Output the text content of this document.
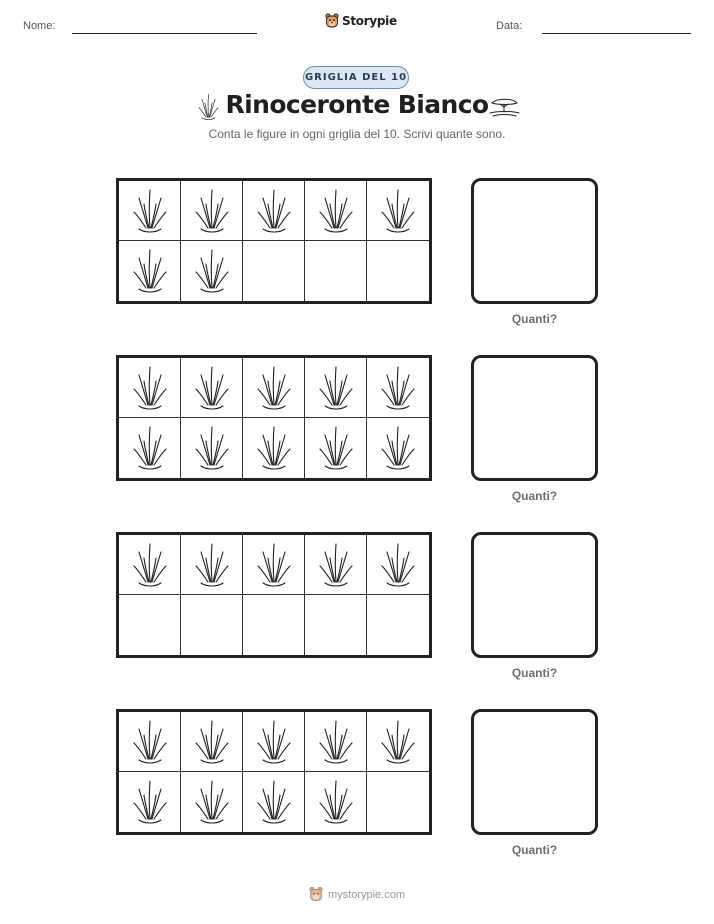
Nome:	Storypie	Data:
GRIGLIA DEL 10
Rinoceronte Bianco
Conta le figure in ogni griglia del 10. Scrivi quante sono.
Quanti?
Quanti?
Quanti?
Quanti?
mystorypie.com
